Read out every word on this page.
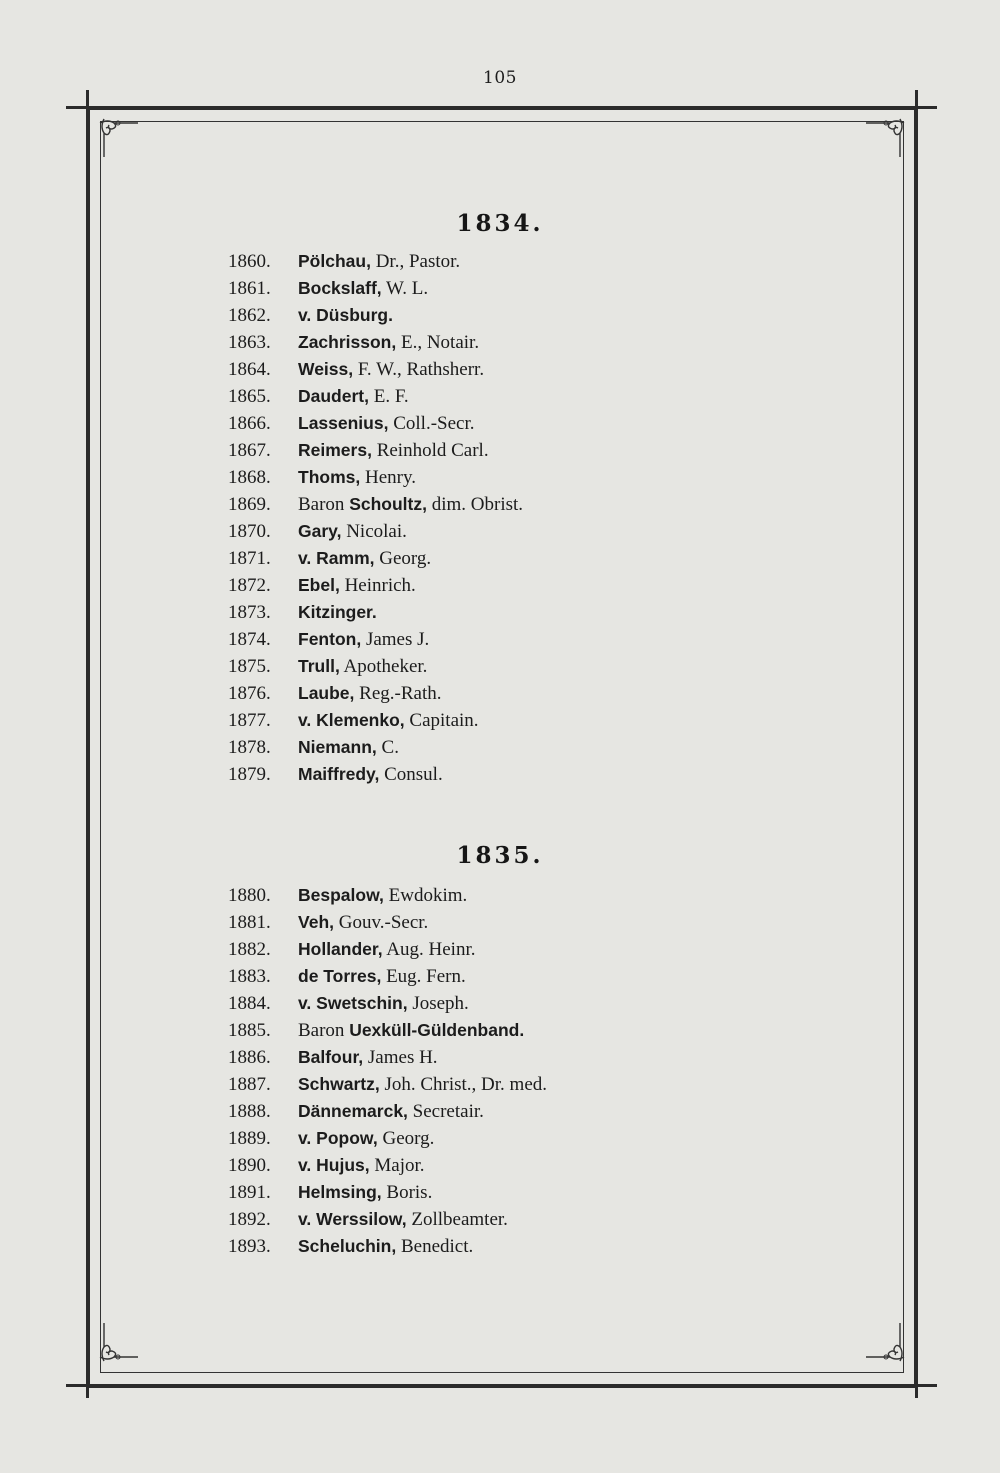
105
1834.
1860. Pölchau, Dr., Pastor.
1861. Bockslaff, W. L.
1862. v. Düsburg.
1863. Zachrisson, E., Notair.
1864. Weiss, F. W., Rathsherr.
1865. Daudert, E. F.
1866. Lassenius, Coll.-Secr.
1867. Reimers, Reinhold Carl.
1868. Thoms, Henry.
1869. Baron Schoultz, dim. Obrist.
1870. Gary, Nicolai.
1871. v. Ramm, Georg.
1872. Ebel, Heinrich.
1873. Kitzinger.
1874. Fenton, James J.
1875. Trull, Apotheker.
1876. Laube, Reg.-Rath.
1877. v. Klemenko, Capitain.
1878. Niemann, C.
1879. Maiffredy, Consul.
1835.
1880. Bespalow, Ewdokim.
1881. Veh, Gouv.-Secr.
1882. Hollander, Aug. Heinr.
1883. de Torres, Eug. Fern.
1884. v. Swetschin, Joseph.
1885. Baron Uexküll-Güldenband.
1886. Balfour, James H.
1887. Schwartz, Joh. Christ., Dr. med.
1888. Dännemarck, Secretair.
1889. v. Popow, Georg.
1890. v. Hujus, Major.
1891. Helmsing, Boris.
1892. v. Werssilow, Zollbeamter.
1893. Scheluchin, Benedict.
